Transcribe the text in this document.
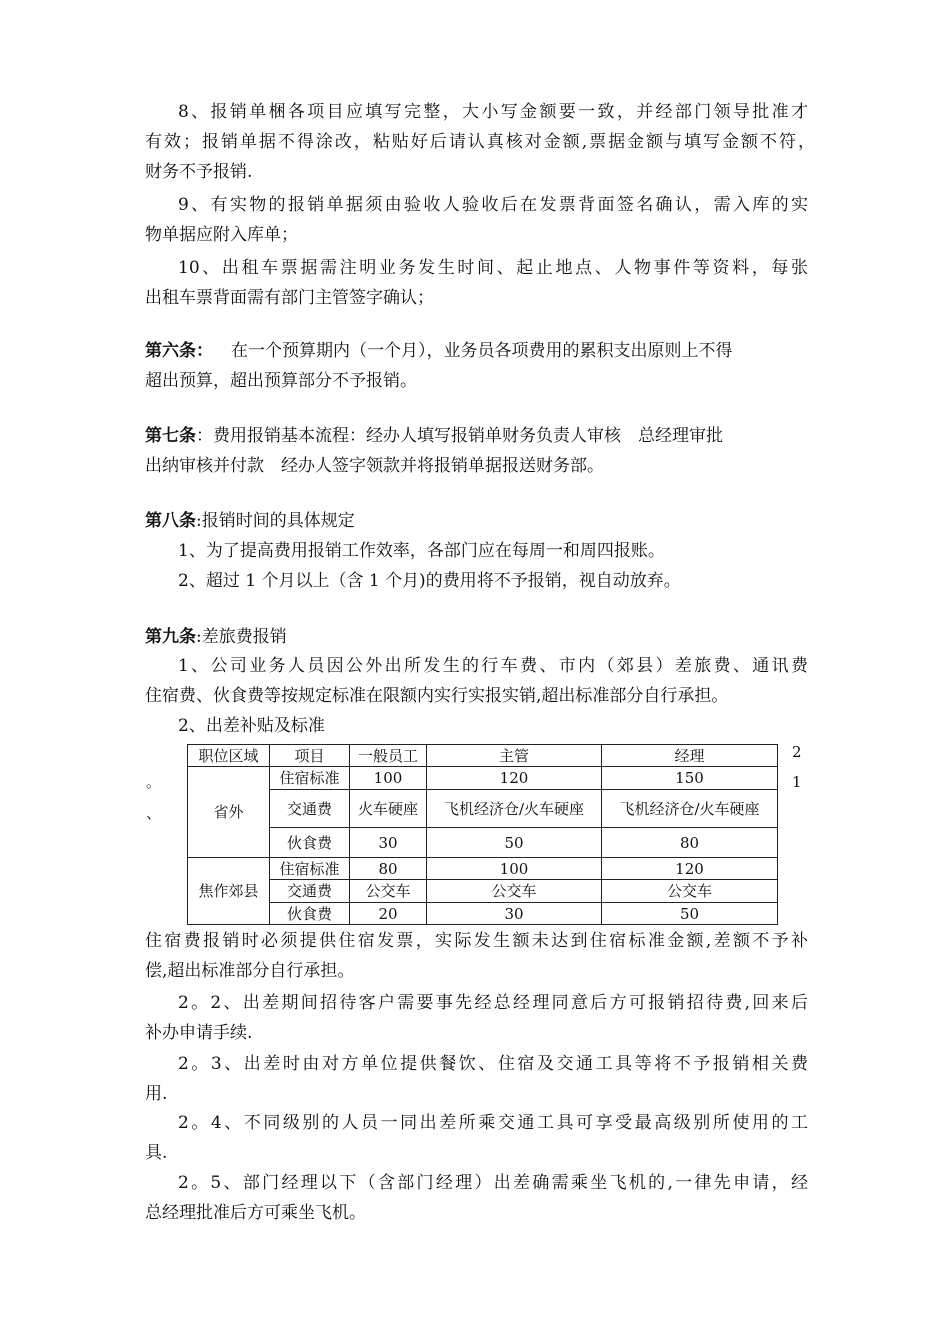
8、报销单梱各项目应填写完整，大小写金额要一致，并经部门领导批准才
有效；报销单据不得涂改，粘贴好后请认真核对金额,票据金额与填写金额不符，
财务不予报销.
9、有实物的报销单据须由验收人验收后在发票背面签名确认，需入库的实
物单据应附入库单；
10、出租车票据需注明业务发生时间、起止地点、人物事件等资料，每张
出租车票背面需有部门主管签字确认；
第六条： 在一个预算期内（一个月），业务员各项费用的累积支出原则上不得
超出预算，超出预算部分不予报销。
第七条：费用报销基本流程：经办人填写报销单财务负责人审核　总经理审批
出纳审核并付款　经办人签字领款并将报销单据报送财务部。
第八条:报销时间的具体规定
1、为了提高费用报销工作效率，各部门应在每周一和周四报账。
2、超过 1 个月以上（含 1 个月)的费用将不予报销，视自动放弃。
第九条:差旅费报销
1、公司业务人员因公外出所发生的行车费、市内（郊县）差旅费、通讯费
住宿费、伙食费等按规定标准在限额内实行实报实销,超出标准部分自行承担。
2、出差补贴及标准
。
、
2
1
职位区域	项目	一般员工	主管	经理
省外	住宿标准	100	120	150
	交通费	火车硬座	飞机经济仓/火车硬座	飞机经济仓/火车硬座
	伙食费	30	50	80
焦作郊县	住宿标准	80	100	120
	交通费	公交车	公交车	公交车
	伙食费	20	30	50
住宿费报销时必须提供住宿发票，实际发生额未达到住宿标准金额,差额不予补
偿,超出标准部分自行承担。
2。2、出差期间招待客户需要事先经总经理同意后方可报销招待费,回来后
补办申请手续.
2。3、出差时由对方单位提供餐饮、住宿及交通工具等将不予报销相关费
用.
2。4、不同级别的人员一同出差所乘交通工具可享受最高级别所使用的工
具.
2。5、部门经理以下（含部门经理）出差确需乘坐飞机的,一律先申请，经
总经理批准后方可乘坐飞机。
